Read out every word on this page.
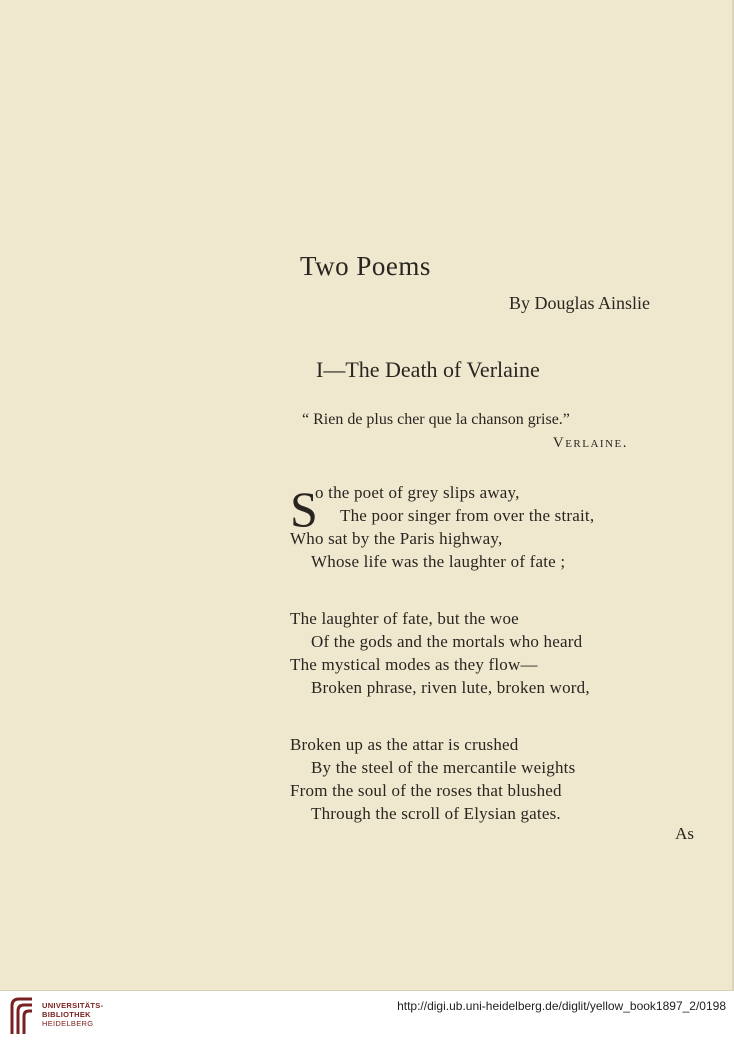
Two Poems

By Douglas Ainslie

I—The Death of Verlaine

“ Rien de plus cher que la chanson grise.”

Verlaine.

S

o the poet of grey slips away,
The poor singer from over the strait,
Who sat by the Paris highway,
Whose life was the laughter of fate ;
The laughter of fate, but the woe
Of the gods and the mortals who heard
The mystical modes as they flow—
Broken phrase, riven lute, broken word,
Broken up as the attar is crushed
By the steel of the mercantile weights
From the soul of the roses that blushed
Through the scroll of Elysian gates.

As

UNIVERSITÄTS-
BIBLIOTHEK
HEIDELBERG
http://digi.ub.uni-heidelberg.de/diglit/yellow_book1897_2/0198
